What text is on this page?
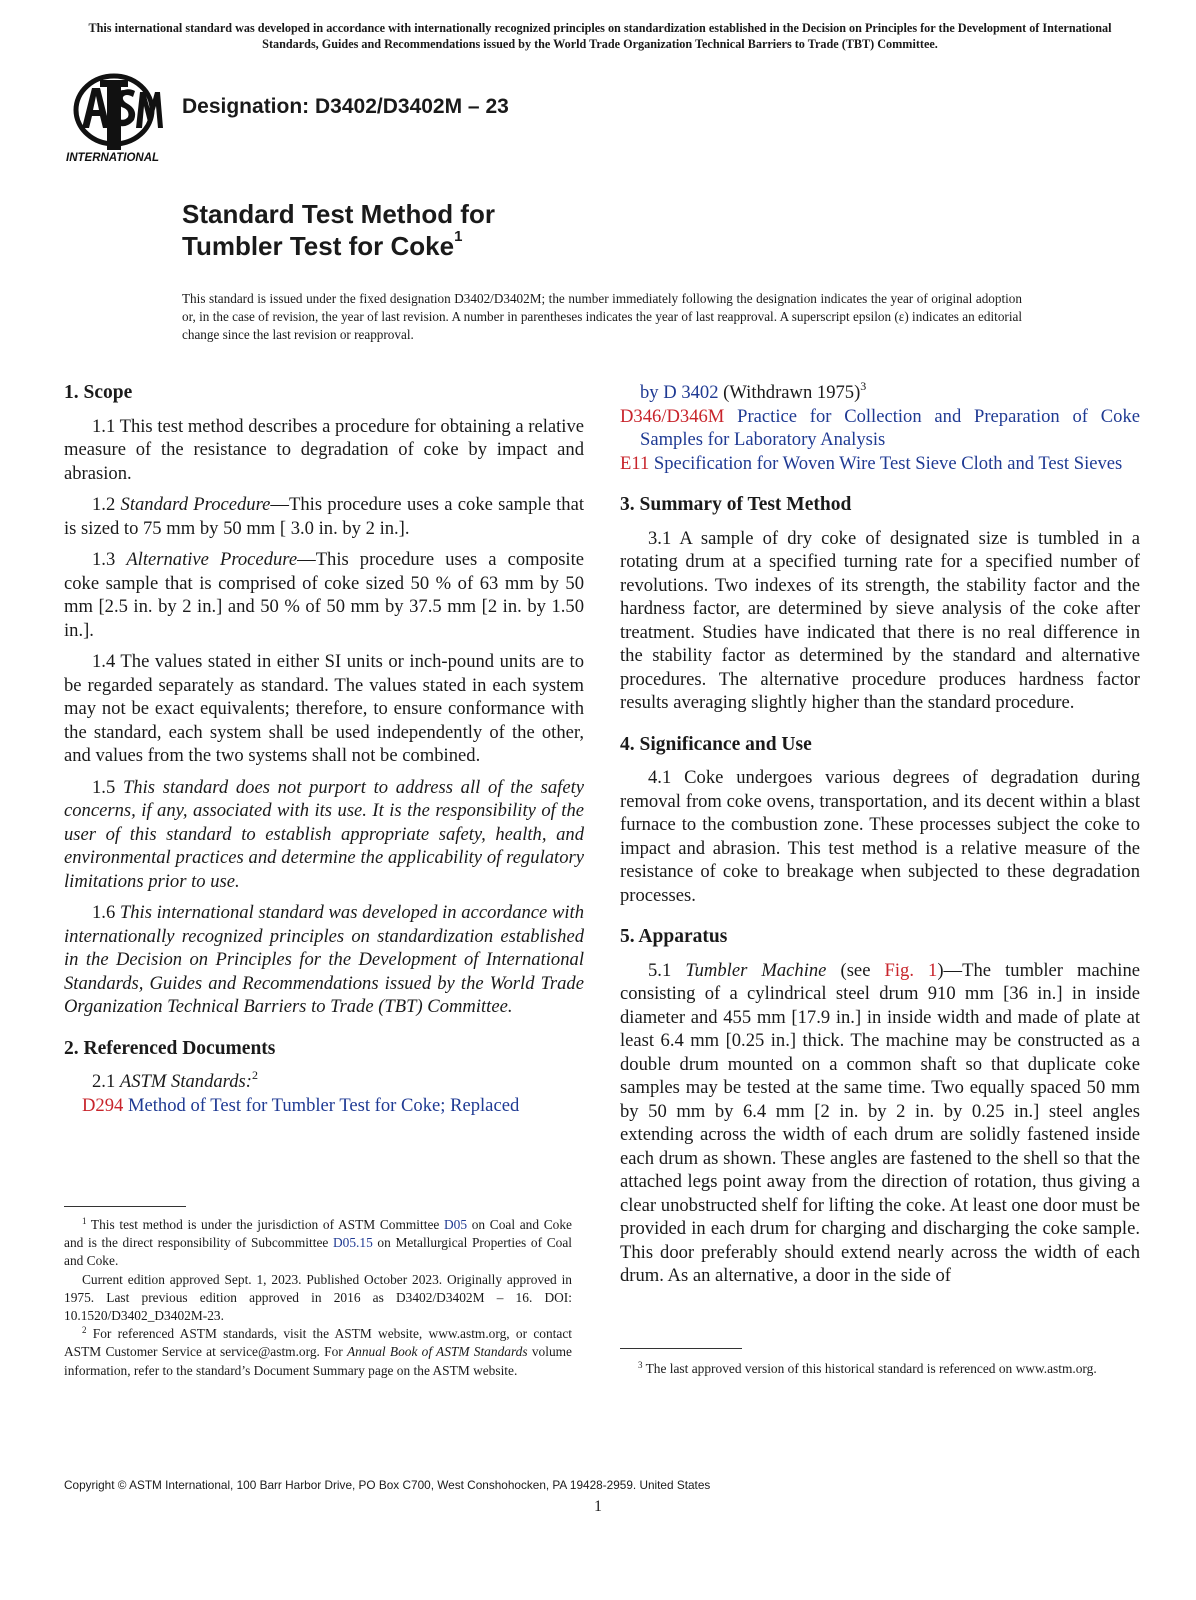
This international standard was developed in accordance with internationally recognized principles on standardization established in the Decision on Principles for the Development of International Standards, Guides and Recommendations issued by the World Trade Organization Technical Barriers to Trade (TBT) Committee.
INTERNATIONAL
Designation: D3402/D3402M – 23
Standard Test Method for
Tumbler Test for Coke$^1$
This standard is issued under the fixed designation D3402/D3402M; the number immediately following the designation indicates the year of original adoption or, in the case of revision, the year of last revision. A number in parentheses indicates the year of last reapproval. A superscript epsilon (ε) indicates an editorial change since the last revision or reapproval.
1. Scope

1.1 This test method describes a procedure for obtaining a relative measure of the resistance to degradation of coke by impact and abrasion.

1.2 Standard Procedure—This procedure uses a coke sample that is sized to 75 mm by 50 mm [ 3.0 in. by 2 in.].

1.3 Alternative Procedure—This procedure uses a composite coke sample that is comprised of coke sized 50 % of 63 mm by 50 mm [2.5 in. by 2 in.] and 50 % of 50 mm by 37.5 mm [2 in. by 1.50 in.].

1.4 The values stated in either SI units or inch-pound units are to be regarded separately as standard. The values stated in each system may not be exact equivalents; therefore, to ensure conformance with the standard, each system shall be used independently of the other, and values from the two systems shall not be combined.

1.5 This standard does not purport to address all of the safety concerns, if any, associated with its use. It is the responsibility of the user of this standard to establish appropriate safety, health, and environmental practices and determine the applicability of regulatory limitations prior to use.

1.6 This international standard was developed in accordance with internationally recognized principles on standardization established in the Decision on Principles for the Development of International Standards, Guides and Recommendations issued by the World Trade Organization Technical Barriers to Trade (TBT) Committee.

2. Referenced Documents

2.1 ASTM Standards:$^2$

D294 Method of Test for Tumbler Test for Coke; Replaced

by D 3402 (Withdrawn 1975)$^3$

D346/D346M Practice for Collection and Preparation of Coke Samples for Laboratory Analysis

E11 Specification for Woven Wire Test Sieve Cloth and Test Sieves

3. Summary of Test Method

3.1 A sample of dry coke of designated size is tumbled in a rotating drum at a specified turning rate for a specified number of revolutions. Two indexes of its strength, the stability factor and the hardness factor, are determined by sieve analysis of the coke after treatment. Studies have indicated that there is no real difference in the stability factor as determined by the standard and alternative procedures. The alternative procedure produces hardness factor results averaging slightly higher than the standard procedure.

4. Significance and Use

4.1 Coke undergoes various degrees of degradation during removal from coke ovens, transportation, and its decent within a blast furnace to the combustion zone. These processes subject the coke to impact and abrasion. This test method is a relative measure of the resistance of coke to breakage when subjected to these degradation processes.

5. Apparatus

5.1 Tumbler Machine (see Fig. 1)—The tumbler machine consisting of a cylindrical steel drum 910 mm [36 in.] in inside diameter and 455 mm [17.9 in.] in inside width and made of plate at least 6.4 mm [0.25 in.] thick. The machine may be constructed as a double drum mounted on a common shaft so that duplicate coke samples may be tested at the same time. Two equally spaced 50 mm by 50 mm by 6.4 mm [2 in. by 2 in. by 0.25 in.] steel angles extending across the width of each drum are solidly fastened inside each drum as shown. These angles are fastened to the shell so that the attached legs point away from the direction of rotation, thus giving a clear unobstructed shelf for lifting the coke. At least one door must be provided in each drum for charging and discharging the coke sample. This door preferably should extend nearly across the width of each drum. As an alternative, a door in the side of

$^1$ This test method is under the jurisdiction of ASTM Committee D05 on Coal and Coke and is the direct responsibility of Subcommittee D05.15 on Metallurgical Properties of Coal and Coke.

Current edition approved Sept. 1, 2023. Published October 2023. Originally approved in 1975. Last previous edition approved in 2016 as D3402/D3402M – 16. DOI: 10.1520/D3402_D3402M-23.

$^2$ For referenced ASTM standards, visit the ASTM website, www.astm.org, or contact ASTM Customer Service at service@astm.org. For Annual Book of ASTM Standards volume information, refer to the standard’s Document Summary page on the ASTM website.	$^3$ The last approved version of this historical standard is referenced on www.astm.org.

Copyright © ASTM International, 100 Barr Harbor Drive, PO Box C700, West Conshohocken, PA 19428-2959. United States
1
